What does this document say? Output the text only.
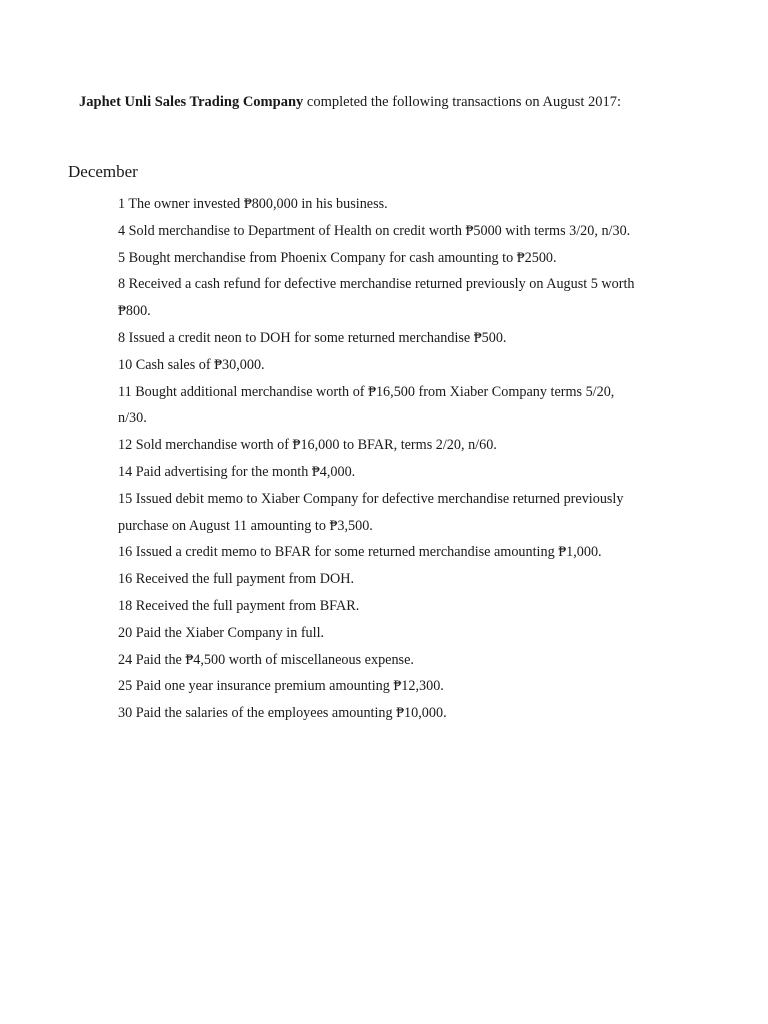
Japhet Unli Sales Trading Company completed the following transactions on August 2017:
December
1 The owner invested ₱800,000 in his business.
4 Sold merchandise to Department of Health on credit worth ₱5000 with terms 3/20, n/30.
5 Bought merchandise from Phoenix Company for cash amounting to ₱2500.
8 Received a cash refund for defective merchandise returned previously on August 5 worth
₱800.
8 Issued a credit neon to DOH for some returned merchandise ₱500.
10 Cash sales of ₱30,000.
11 Bought additional merchandise worth of ₱16,500 from Xiaber Company terms 5/20,
n/30.
12 Sold merchandise worth of ₱16,000 to BFAR, terms 2/20, n/60.
14 Paid advertising for the month ₱4,000.
15 Issued debit memo to Xiaber Company for defective merchandise returned previously
purchase on August 11 amounting to ₱3,500.
16 Issued a credit memo to BFAR for some returned merchandise amounting ₱1,000.
16 Received the full payment from DOH.
18 Received the full payment from BFAR.
20 Paid the Xiaber Company in full.
24 Paid the ₱4,500 worth of miscellaneous expense.
25 Paid one year insurance premium amounting ₱12,300.
30 Paid the salaries of the employees amounting ₱10,000.
